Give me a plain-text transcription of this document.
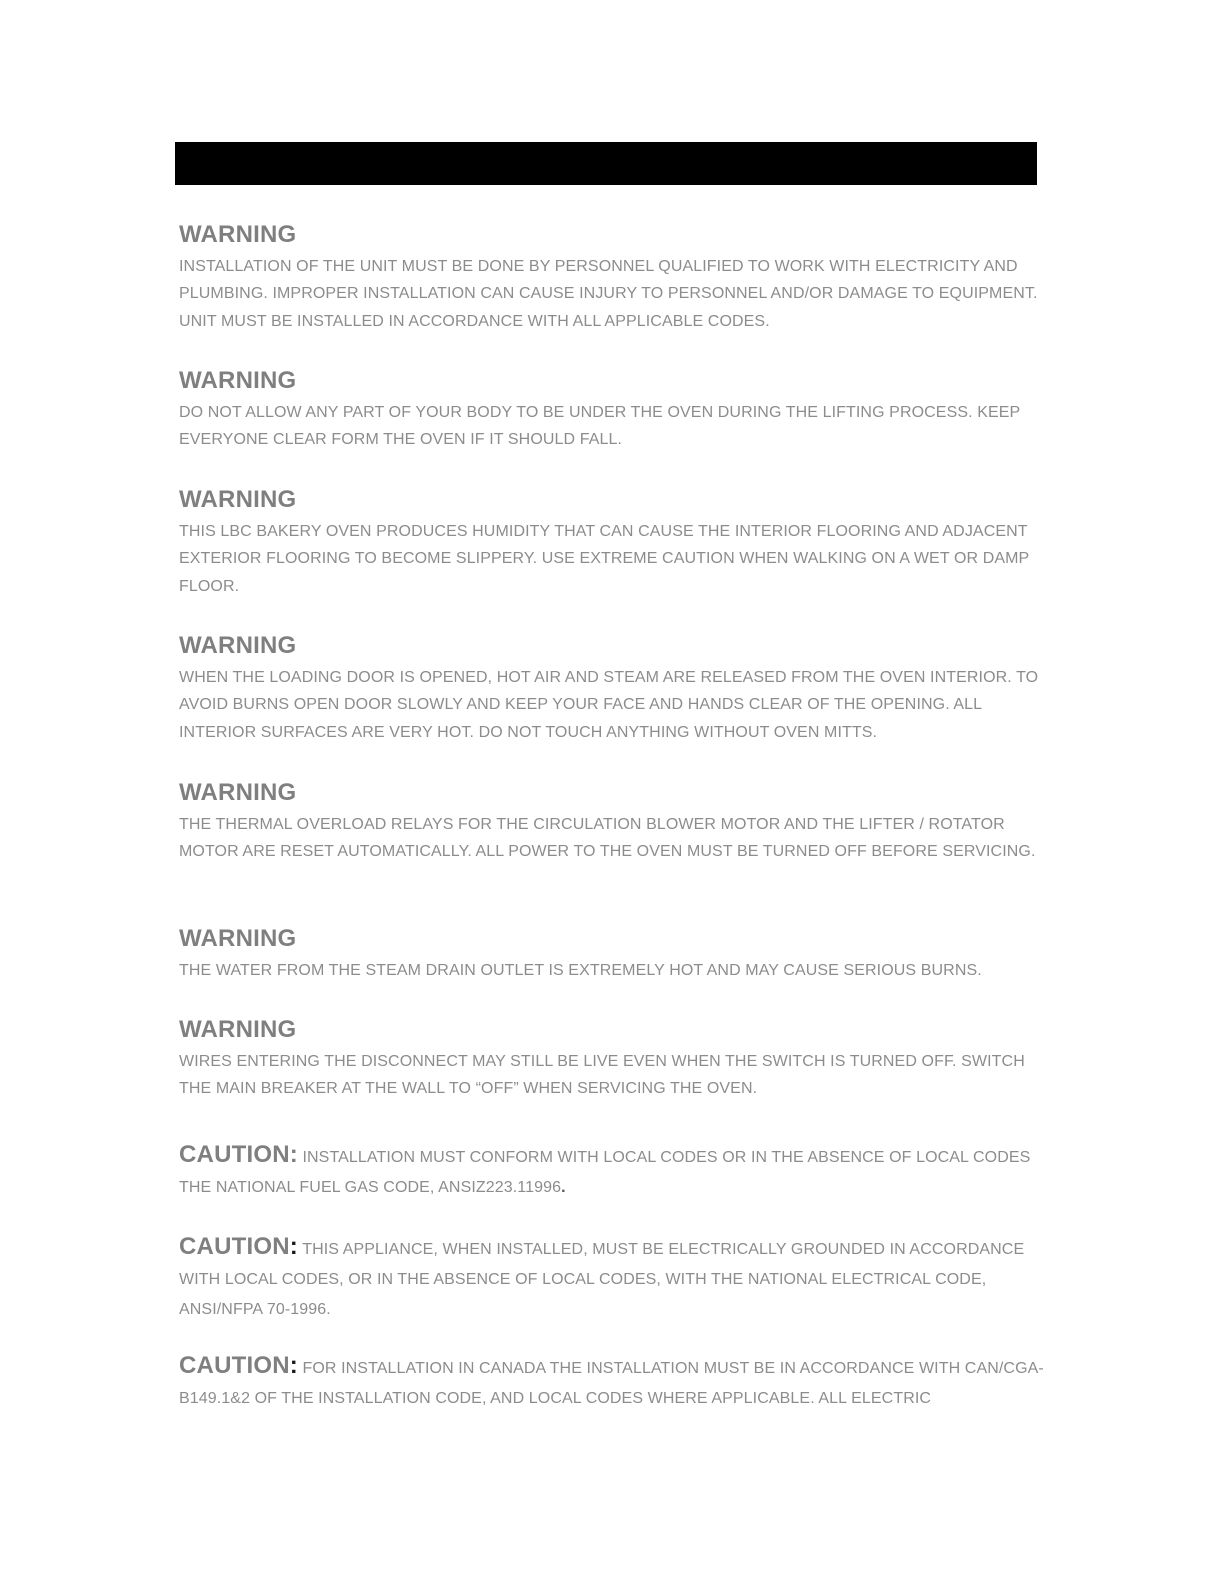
WARNING

INSTALLATION OF THE UNIT MUST BE DONE BY PERSONNEL QUALIFIED TO WORK WITH ELECTRICITY AND PLUMBING. IMPROPER INSTALLATION CAN CAUSE INJURY TO PERSONNEL AND/OR DAMAGE TO EQUIPMENT. UNIT MUST BE INSTALLED IN ACCORDANCE WITH ALL APPLICABLE CODES.

WARNING

DO NOT ALLOW ANY PART OF YOUR BODY TO BE UNDER THE OVEN DURING THE LIFTING PROCESS. KEEP EVERYONE CLEAR FORM THE OVEN IF IT SHOULD FALL.

WARNING

THIS LBC BAKERY OVEN PRODUCES HUMIDITY THAT CAN CAUSE THE INTERIOR FLOORING AND ADJACENT EXTERIOR FLOORING TO BECOME SLIPPERY. USE EXTREME CAUTION WHEN WALKING ON A WET OR DAMP FLOOR.

WARNING

WHEN THE LOADING DOOR IS OPENED, HOT AIR AND STEAM ARE RELEASED FROM THE OVEN INTERIOR. TO AVOID BURNS OPEN DOOR SLOWLY AND KEEP YOUR FACE AND HANDS CLEAR OF THE OPENING. ALL INTERIOR SURFACES ARE VERY HOT. DO NOT TOUCH ANYTHING WITHOUT OVEN MITTS.

WARNING

THE THERMAL OVERLOAD RELAYS FOR THE CIRCULATION BLOWER MOTOR AND THE LIFTER / ROTATOR MOTOR ARE RESET AUTOMATICALLY. ALL POWER TO THE OVEN MUST BE TURNED OFF BEFORE SERVICING.

WARNING

THE WATER FROM THE STEAM DRAIN OUTLET IS EXTREMELY HOT AND MAY CAUSE SERIOUS BURNS.

WARNING

WIRES ENTERING THE DISCONNECT MAY STILL BE LIVE EVEN WHEN THE SWITCH IS TURNED OFF. SWITCH THE MAIN BREAKER AT THE WALL TO “OFF” WHEN SERVICING THE OVEN.

CAUTION: INSTALLATION MUST CONFORM WITH LOCAL CODES OR IN THE ABSENCE OF LOCAL CODES THE NATIONAL FUEL GAS CODE, ANSIZ223.11996.
CAUTION: THIS APPLIANCE, WHEN INSTALLED, MUST BE ELECTRICALLY GROUNDED IN ACCORDANCE WITH LOCAL CODES, OR IN THE ABSENCE OF LOCAL CODES, WITH THE NATIONAL ELECTRICAL CODE, ANSI/NFPA 70-1996.
CAUTION: FOR INSTALLATION IN CANADA THE INSTALLATION MUST BE IN ACCORDANCE WITH CAN/CGA-B149.1&2 OF THE INSTALLATION CODE, AND LOCAL CODES WHERE APPLICABLE. ALL ELECTRIC
